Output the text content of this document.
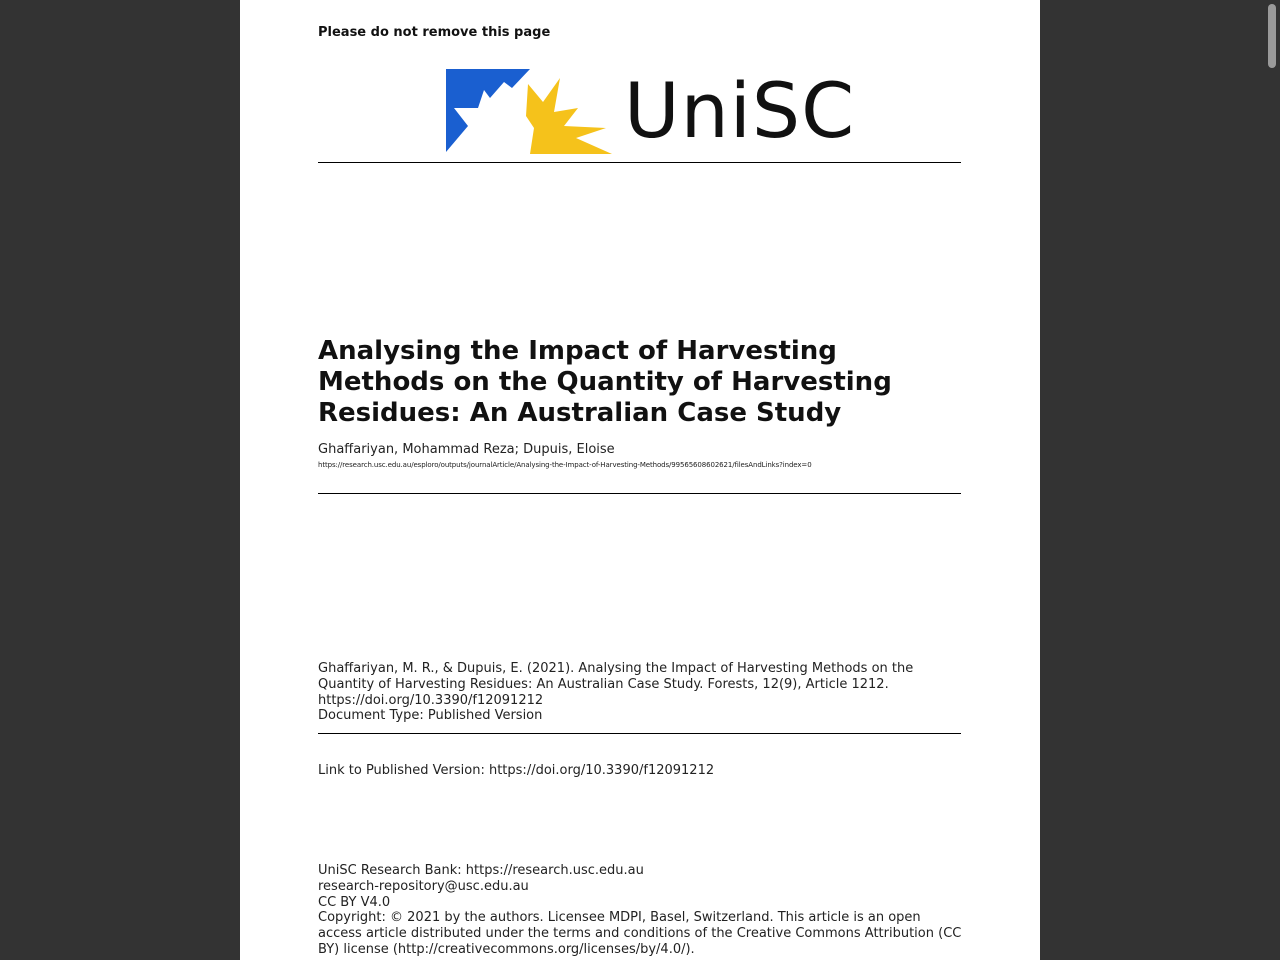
Please do not remove this page
UniSC
Analysing the Impact of Harvesting Methods on the Quantity of Harvesting Residues: An Australian Case Study
Ghaffariyan, Mohammad Reza; Dupuis, Eloise
https://research.usc.edu.au/esploro/outputs/journalArticle/Analysing-the-Impact-of-Harvesting-Methods/99565608602621/filesAndLinks?index=0
Ghaffariyan, M. R., & Dupuis, E. (2021). Analysing the Impact of Harvesting Methods on the Quantity of Harvesting Residues: An Australian Case Study. Forests, 12(9), Article 1212.
https://doi.org/10.3390/f12091212
Document Type: Published Version
Link to Published Version: https://doi.org/10.3390/f12091212
UniSC Research Bank: https://research.usc.edu.au
research-repository@usc.edu.au
CC BY V4.0
Copyright: © 2021 by the authors. Licensee MDPI, Basel, Switzerland. This article is an open access article distributed under the terms and conditions of the Creative Commons Attribution (CC BY) license (http://creativecommons.org/licenses/by/4.0/).
